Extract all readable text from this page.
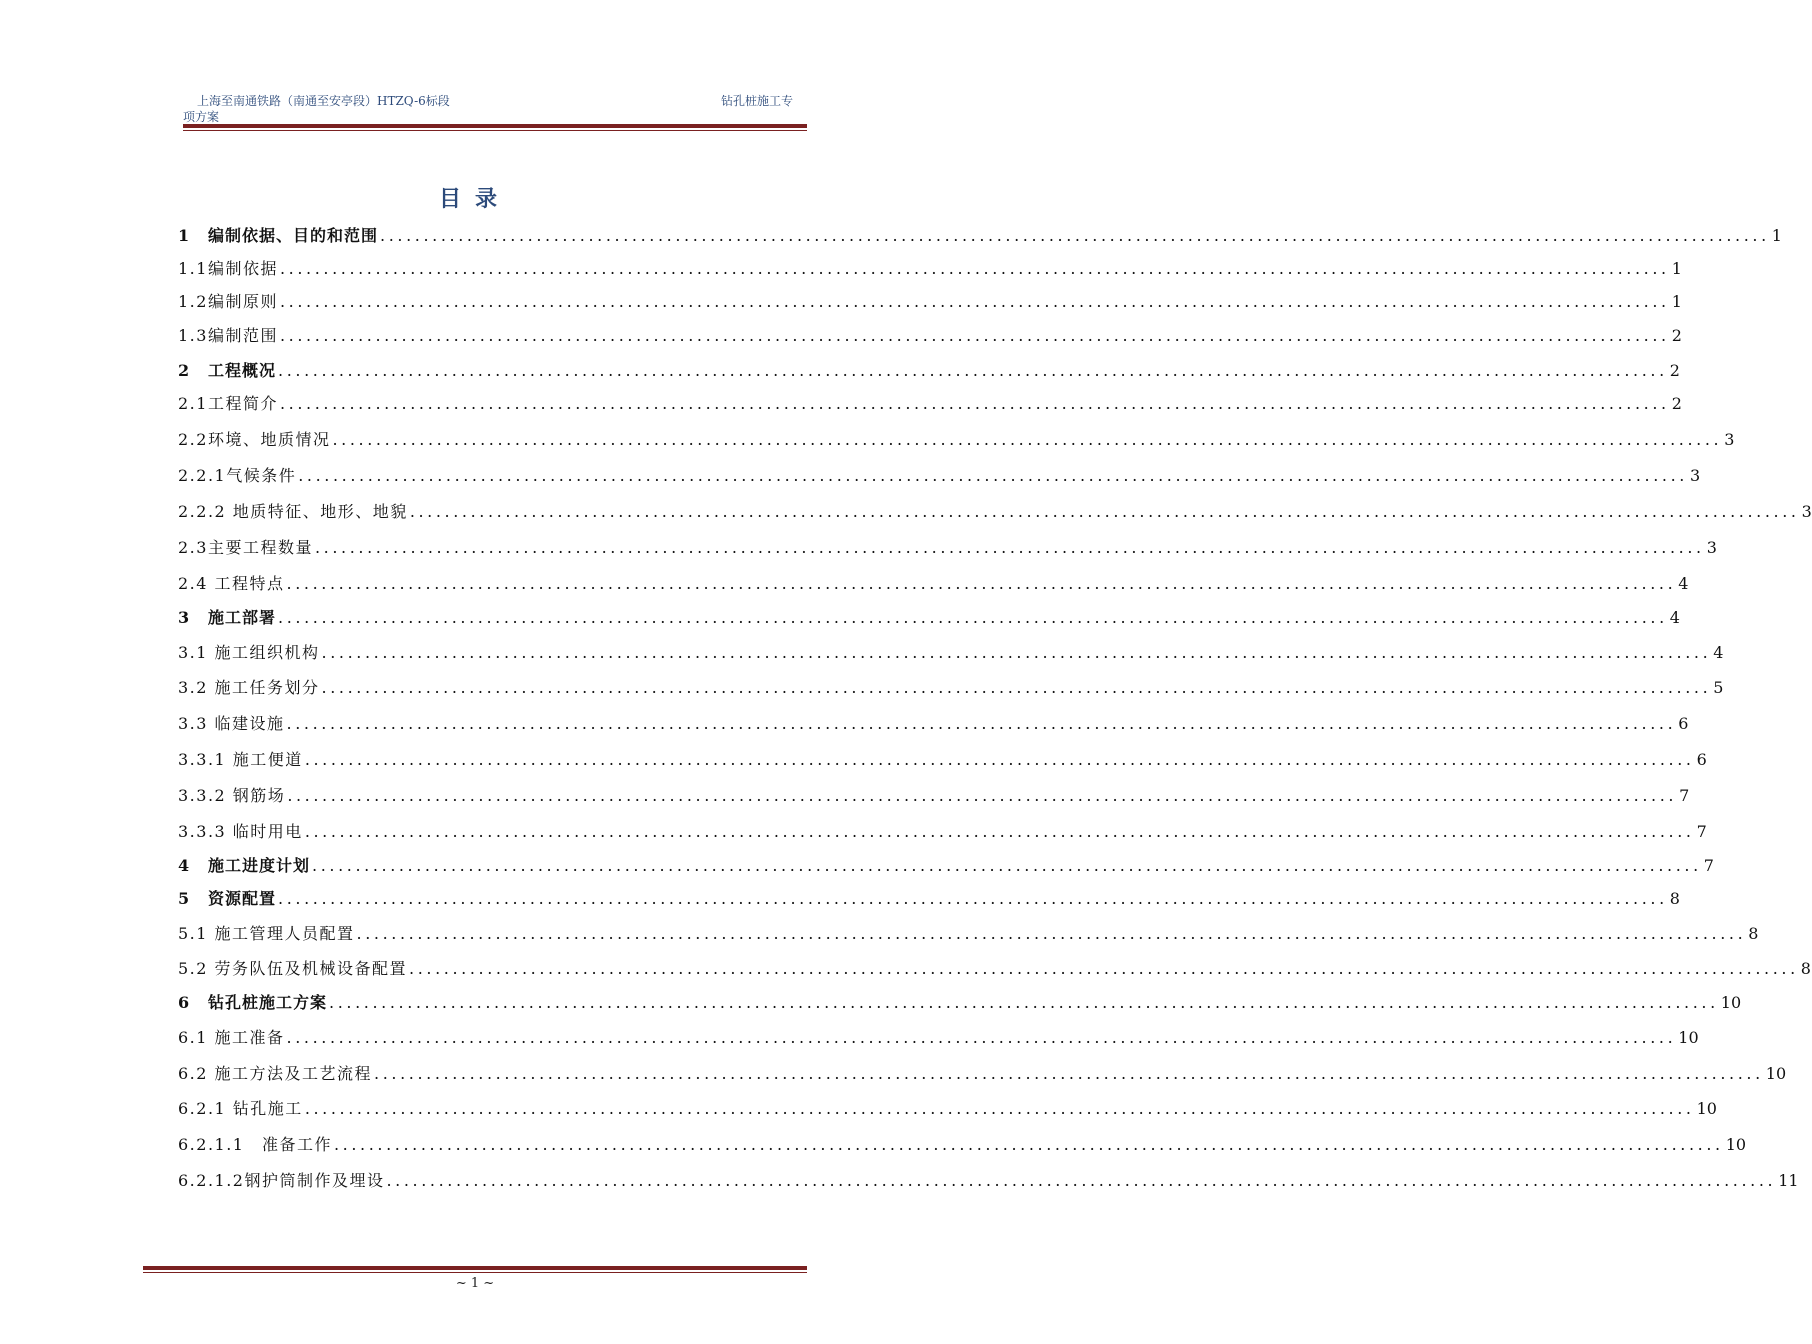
上海至南通铁路（南通至安亭段）HTZQ-6标段
项方案
钻孔桩施工专
目录
1 编制依据、目的和范围 ................................................................................................................................................................ 1
1.1编制依据 ................................................................................................................................................................ 1
1.2编制原则 ................................................................................................................................................................ 1
1.3编制范围 ................................................................................................................................................................ 2
2 工程概况 ................................................................................................................................................................ 2
2.1工程简介 ................................................................................................................................................................ 2
2.2环境、地质情况 ................................................................................................................................................................ 3
2.2.1气候条件 ................................................................................................................................................................ 3
2.2.2 地质特征、地形、地貌 ................................................................................................................................................................ 3
2.3主要工程数量 ................................................................................................................................................................ 3
2.4 工程特点 ................................................................................................................................................................ 4
3 施工部署 ................................................................................................................................................................ 4
3.1 施工组织机构 ................................................................................................................................................................ 4
3.2 施工任务划分 ................................................................................................................................................................ 5
3.3 临建设施 ................................................................................................................................................................ 6
3.3.1 施工便道 ................................................................................................................................................................ 6
3.3.2 钢筋场 ................................................................................................................................................................ 7
3.3.3 临时用电 ................................................................................................................................................................ 7
4 施工进度计划 ................................................................................................................................................................ 7
5 资源配置 ................................................................................................................................................................ 8
5.1 施工管理人员配置 ................................................................................................................................................................ 8
5.2 劳务队伍及机械设备配置 ................................................................................................................................................................ 8
6 钻孔桩施工方案 ................................................................................................................................................................ 10
6.1 施工准备 ................................................................................................................................................................ 10
6.2 施工方法及工艺流程 ................................................................................................................................................................ 10
6.2.1 钻孔施工 ................................................................................................................................................................ 10
6.2.1.1　准备工作 ................................................................................................................................................................ 10
6.2.1.2钢护筒制作及埋设 ................................................................................................................................................................ 11
~ 1 ~
